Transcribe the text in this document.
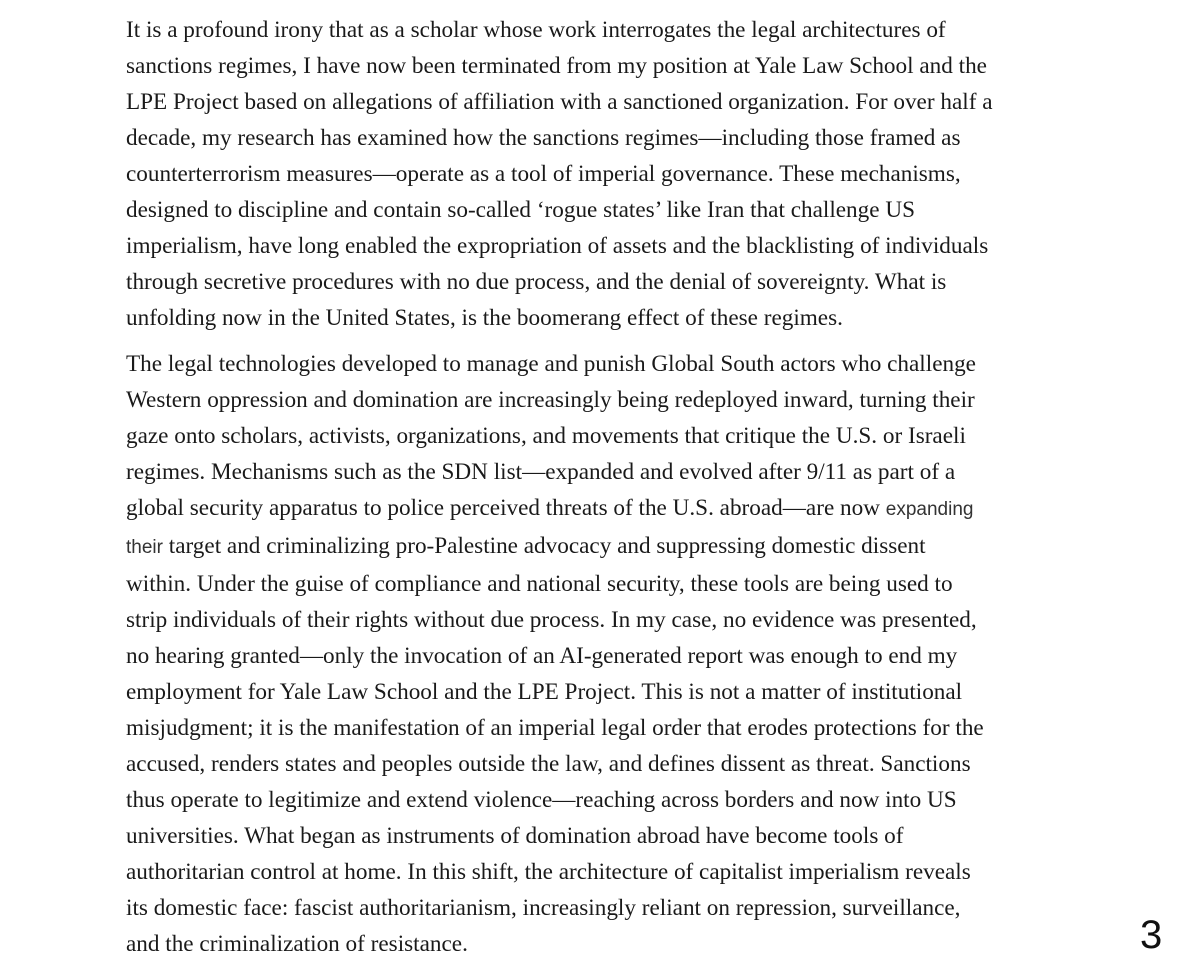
It is a profound irony that as a scholar whose work interrogates the legal architectures of
sanctions regimes, I have now been terminated from my position at Yale Law School and the
LPE Project based on allegations of affiliation with a sanctioned organization. For over half a
decade, my research has examined how the sanctions regimes—including those framed as
counterterrorism measures—operate as a tool of imperial governance. These mechanisms,
designed to discipline and contain so-called ‘rogue states’ like Iran that challenge US
imperialism, have long enabled the expropriation of assets and the blacklisting of individuals
through secretive procedures with no due process, and the denial of sovereignty. What is
unfolding now in the United States, is the boomerang effect of these regimes.

The legal technologies developed to manage and punish Global South actors who challenge
Western oppression and domination are increasingly being redeployed inward, turning their
gaze onto scholars, activists, organizations, and movements that critique the U.S. or Israeli
regimes. Mechanisms such as the SDN list—expanded and evolved after 9/11 as part of a
global security apparatus to police perceived threats of the U.S. abroad—are now expanding
their target and criminalizing pro-Palestine advocacy and suppressing domestic dissent
within. Under the guise of compliance and national security, these tools are being used to
strip individuals of their rights without due process. In my case, no evidence was presented,
no hearing granted—only the invocation of an AI-generated report was enough to end my
employment for Yale Law School and the LPE Project. This is not a matter of institutional
misjudgment; it is the manifestation of an imperial legal order that erodes protections for the
accused, renders states and peoples outside the law, and defines dissent as threat. Sanctions
thus operate to legitimize and extend violence—reaching across borders and now into US
universities. What began as instruments of domination abroad have become tools of
authoritarian control at home. In this shift, the architecture of capitalist imperialism reveals
its domestic face: fascist authoritarianism, increasingly reliant on repression, surveillance,
and the criminalization of resistance.	3
